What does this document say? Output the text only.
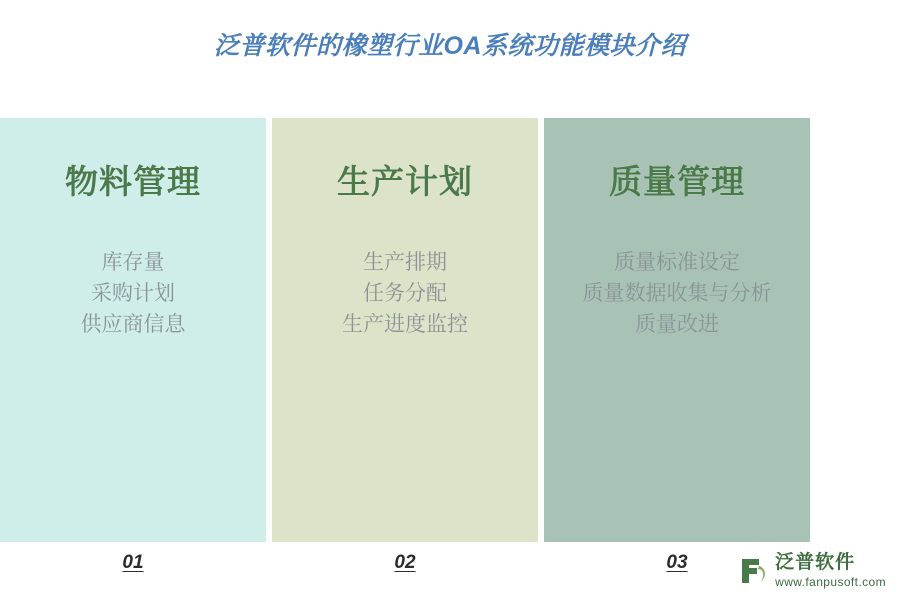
泛普软件的橡塑行业OA系统功能模块介绍
物料管理
库存量
采购计划
供应商信息
生产计划
生产排期
任务分配
生产进度监控
质量管理
质量标准设定
质量数据收集与分析
质量改进
01	02	03	泛普软件
www.fanpusoft.com
